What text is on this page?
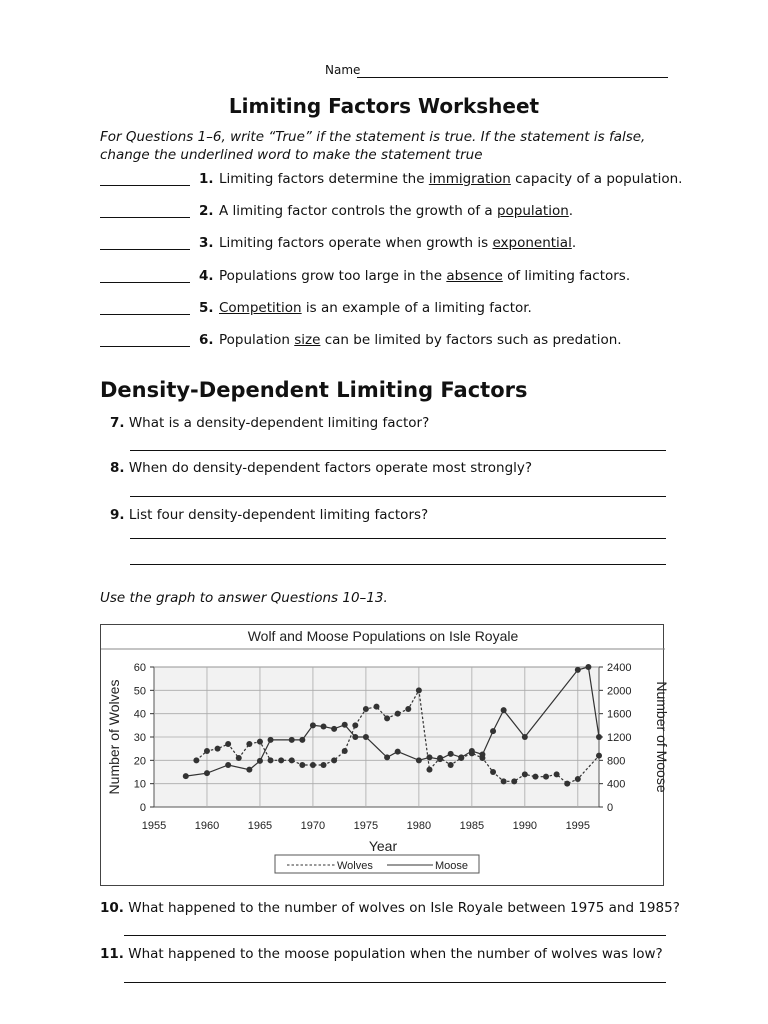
Name
Limiting Factors Worksheet
For Questions 1–6, write “True” if the statement is true. If the statement is false, change the underlined word to make the statement true
1. Limiting factors determine the immigration capacity of a population.
2. A limiting factor controls the growth of a population.
3. Limiting factors operate when growth is exponential.
4. Populations grow too large in the absence of limiting factors.
5. Competition is an example of a limiting factor.
6. Population size can be limited by factors such as predation.
Density-Dependent Limiting Factors
7. What is a density-dependent limiting factor?
8. When do density-dependent factors operate most strongly?
9. List four density-dependent limiting factors?
Use the graph to answer Questions 10–13.
Wolf and Moose Populations on Isle Royale
1955	1960	1965	1970	1975	1980	1985	1990	1995
0
10
20
30
40
50
60
0
400
800
1200
1600
2000
2400
Year
Number of Wolves	Number of Moose
Wolves	Moose
10. What happened to the number of wolves on Isle Royale between 1975 and 1985?
11. What happened to the moose population when the number of wolves was low?
